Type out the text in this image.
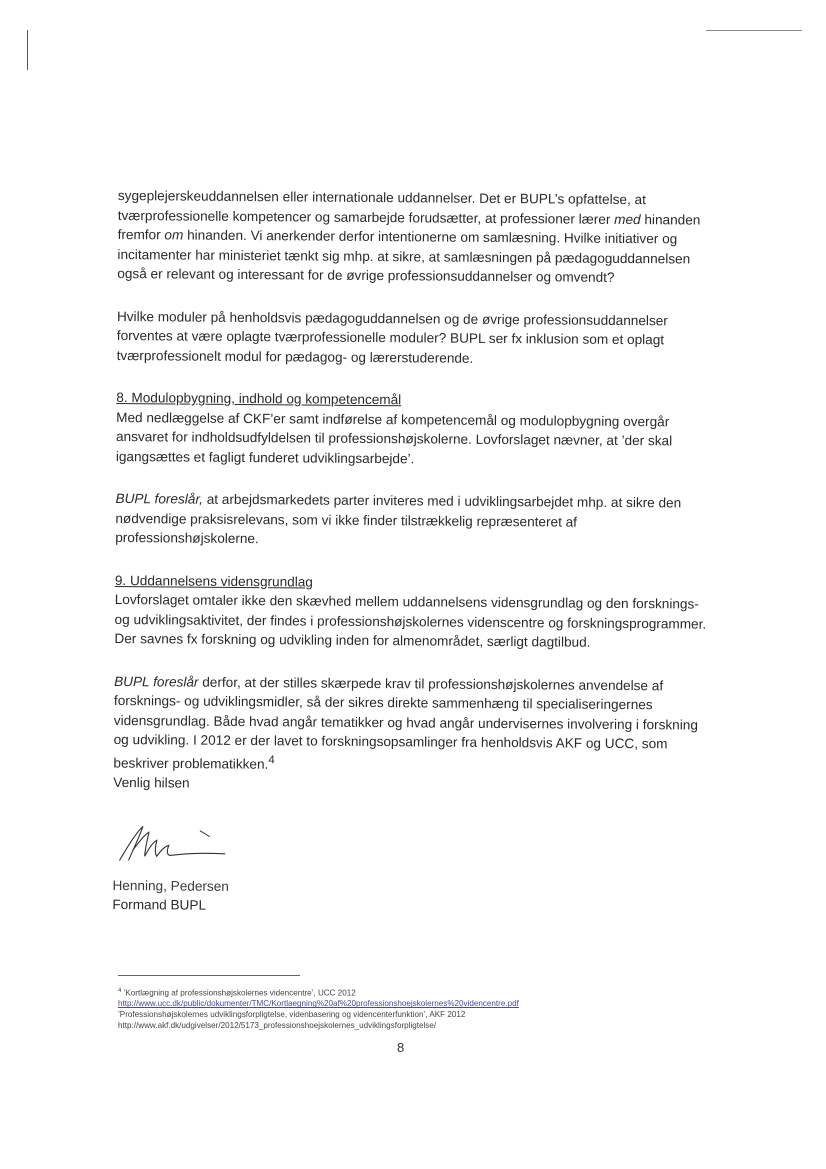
sygeplejerskeuddannelsen eller internationale uddannelser. Det er BUPL’s opfattelse, at tværprofessionelle kompetencer og samarbejde forudsætter, at professioner lærer med hinanden fremfor om hinanden. Vi anerkender derfor intentionerne om samlæsning. Hvilke initiativer og incitamenter har ministeriet tænkt sig mhp. at sikre, at samlæsningen på pædagoguddannelsen også er relevant og interessant for de øvrige professionsuddannelser og omvendt?

Hvilke moduler på henholdsvis pædagoguddannelsen og de øvrige professionsuddannelser forventes at være oplagte tværprofessionelle moduler? BUPL ser fx inklusion som et oplagt tværprofessionelt modul for pædagog- og lærerstuderende.

8. Modulopbygning, indhold og kompetencemål

Med nedlæggelse af CKF’er samt indførelse af kompetencemål og modulopbygning overgår ansvaret for indholdsudfyldelsen til professionshøjskolerne. Lovforslaget nævner, at ’der skal igangsættes et fagligt funderet udviklingsarbejde’.

BUPL foreslår, at arbejdsmarkedets parter inviteres med i udviklingsarbejdet mhp. at sikre den nødvendige praksisrelevans, som vi ikke finder tilstrækkelig repræsenteret af professionshøjskolerne.

9. Uddannelsens vidensgrundlag

Lovforslaget omtaler ikke den skævhed mellem uddannelsens vidensgrundlag og den forsknings- og udviklingsaktivitet, der findes i professionshøjskolernes videnscentre og forskningsprogrammer. Der savnes fx forskning og udvikling inden for almenområdet, særligt dagtilbud.

BUPL foreslår derfor, at der stilles skærpede krav til professionshøjskolernes anvendelse af forsknings- og udviklingsmidler, så der sikres direkte sammenhæng til specialiseringernes vidensgrundlag. Både hvad angår tematikker og hvad angår undervisernes involvering i forskning og udvikling. I 2012 er der lavet to forskningsopsamlinger fra henholdsvis AKF og UCC, som beskriver problematikken.$^4$

Venlig hilsen

Henning, Pedersen

Formand BUPL

$^4$ ’Kortlægning af professionshøjskolernes videncentre’, UCC 2012
http://www.ucc.dk/public/dokumenter/TMC/Kortlaegning%20af%20professionshoejskolernes%20videncentre.pdf
’Professionshøjskolernes udviklingsforpligtelse, videnbasering og videncenterfunktion’, AKF 2012
http://www.akf.dk/udgivelser/2012/5173_professionshoejskolernes_udviklingsforpligtelse/
8
